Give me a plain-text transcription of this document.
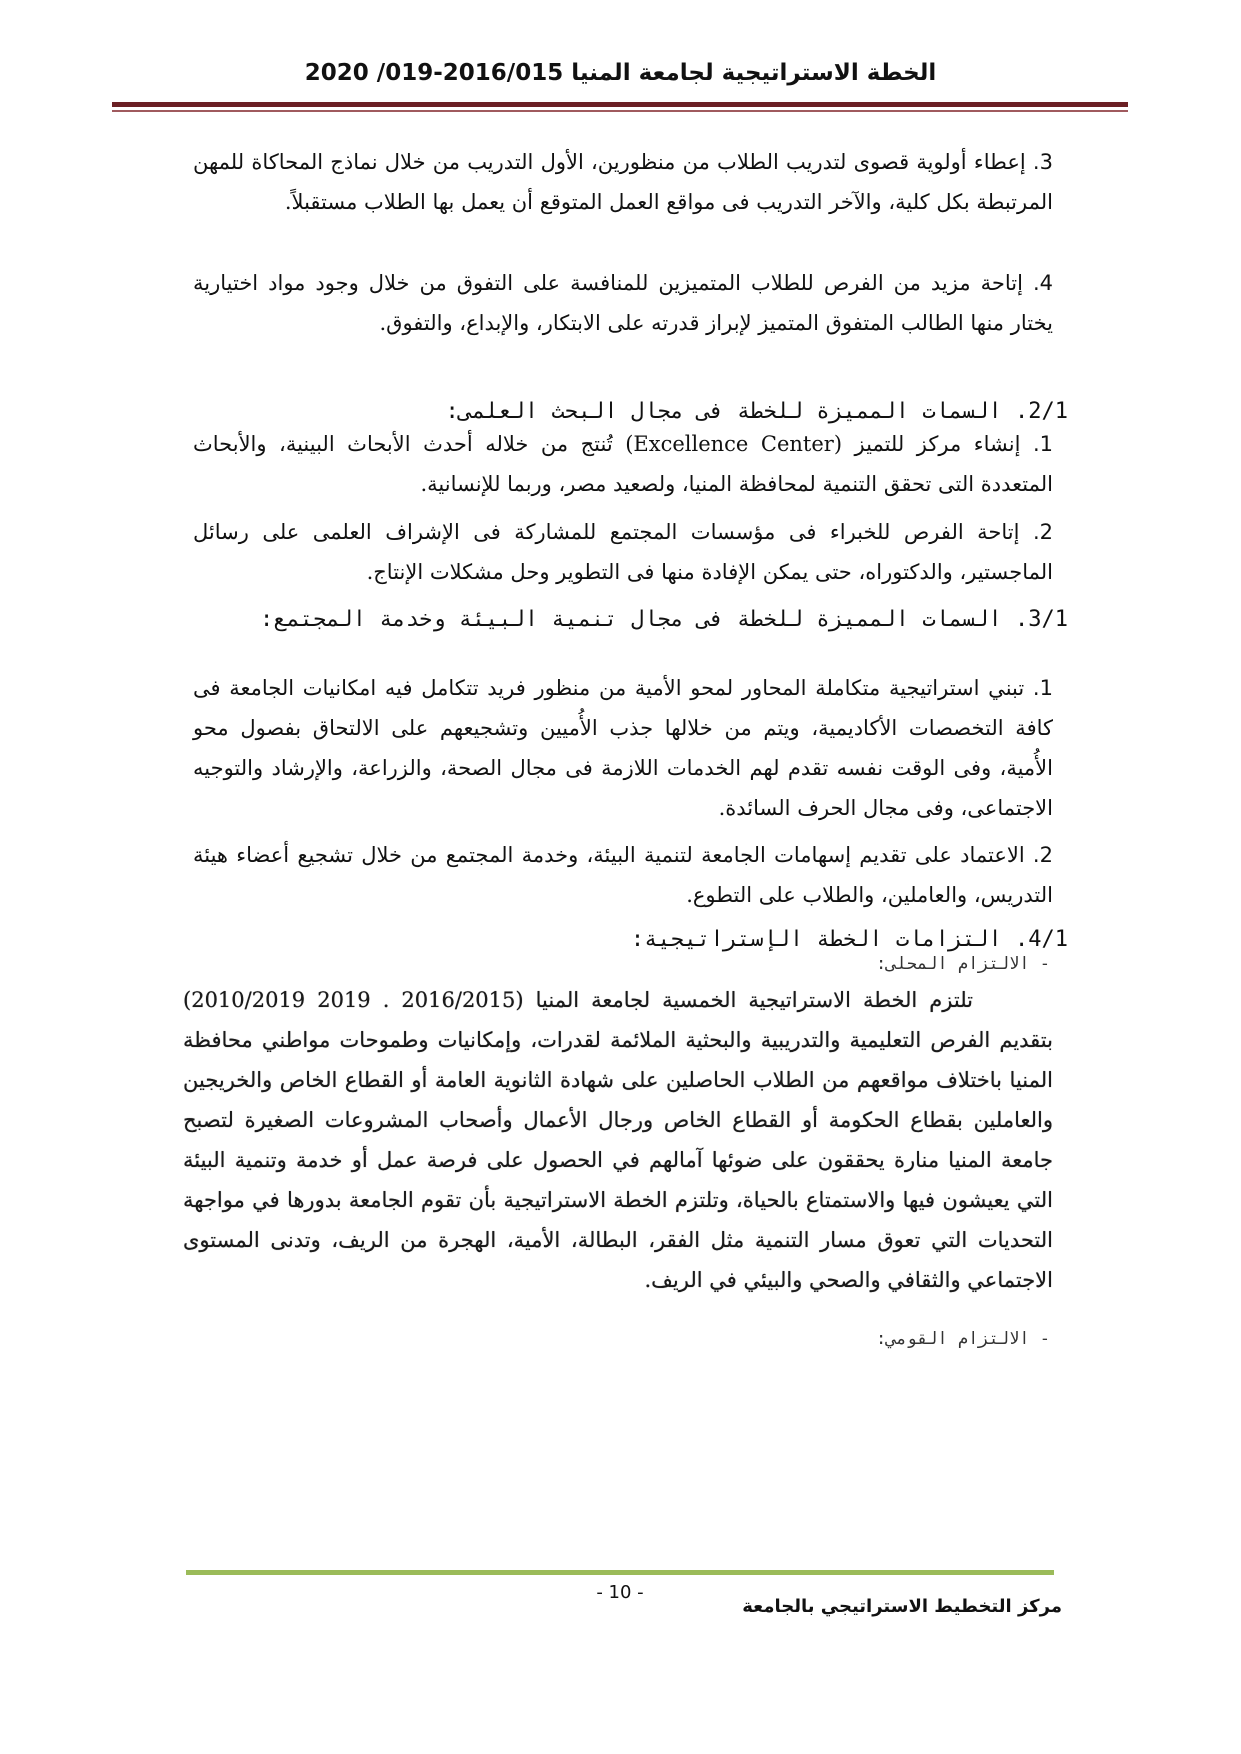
الخطة الاستراتيجية لجامعة المنيا 2016/015-019/ 2020
3. إعطاء أولوية قصوى لتدريب الطلاب من منظورين، الأول التدريب من خلال نماذج المحاكاة للمهن المرتبطة بكل كلية، والآخر التدريب فى مواقع العمل المتوقع أن يعمل بها الطلاب مستقبلاً.
4. إتاحة مزيد من الفرص للطلاب المتميزين للمنافسة على التفوق من خلال وجود مواد اختيارية يختار منها الطالب المتفوق المتميز لإبراز قدرته على الابتكار، والإبداع، والتفوق.
2/1. السمات المميزة للخطة فى مجال البحث العلمى:
1. إنشاء مركز للتميز (Excellence Center) تُنتج من خلاله أحدث الأبحاث البينية، والأبحاث المتعددة التى تحقق التنمية لمحافظة المنيا، ولصعيد مصر، وربما للإنسانية.
2. إتاحة الفرص للخبراء فى مؤسسات المجتمع للمشاركة فى الإشراف العلمى على رسائل الماجستير، والدكتوراه، حتى يمكن الإفادة منها فى التطوير وحل مشكلات الإنتاج.
3/1. السمات المميزة للخطة فى مجال تنمية البيئة وخدمة المجتمع:
1. تبني استراتيجية متكاملة المحاور لمحو الأمية من منظور فريد تتكامل فيه امكانيات الجامعة فى كافة التخصصات الأكاديمية، ويتم من خلالها جذب الأُميين وتشجيعهم على الالتحاق بفصول محو الأُمية، وفى الوقت نفسه تقدم لهم الخدمات اللازمة فى مجال الصحة، والزراعة، والإرشاد والتوجيه الاجتماعى، وفى مجال الحرف السائدة.
2. الاعتماد على تقديم إسهامات الجامعة لتنمية البيئة، وخدمة المجتمع من خلال تشجيع أعضاء هيئة التدريس، والعاملين، والطلاب على التطوع.
4/1. التزامات الخطة الإستراتيجية:
- الالتزام المحلى:
تلتزم الخطة الاستراتيجية الخمسية لجامعة المنيا (2016/2015 . 2019 2010/2019) بتقديم الفرص التعليمية والتدريبية والبحثية الملائمة لقدرات، وإمكانيات وطموحات مواطني محافظة المنيا باختلاف مواقعهم من الطلاب الحاصلين على شهادة الثانوية العامة أو القطاع الخاص والخريجين والعاملين بقطاع الحكومة أو القطاع الخاص ورجال الأعمال وأصحاب المشروعات الصغيرة لتصبح جامعة المنيا منارة يحققون على ضوئها آمالهم في الحصول على فرصة عمل أو خدمة وتنمية البيئة التي يعيشون فيها والاستمتاع بالحياة، وتلتزم الخطة الاستراتيجية بأن تقوم الجامعة بدورها في مواجهة التحديات التي تعوق مسار التنمية مثل الفقر، البطالة، الأمية، الهجرة من الريف، وتدنى المستوى الاجتماعي والثقافي والصحي والبيئي في الريف.
- الالتزام القومي:
- 10 -
مركز التخطيط الاستراتيجي بالجامعة
